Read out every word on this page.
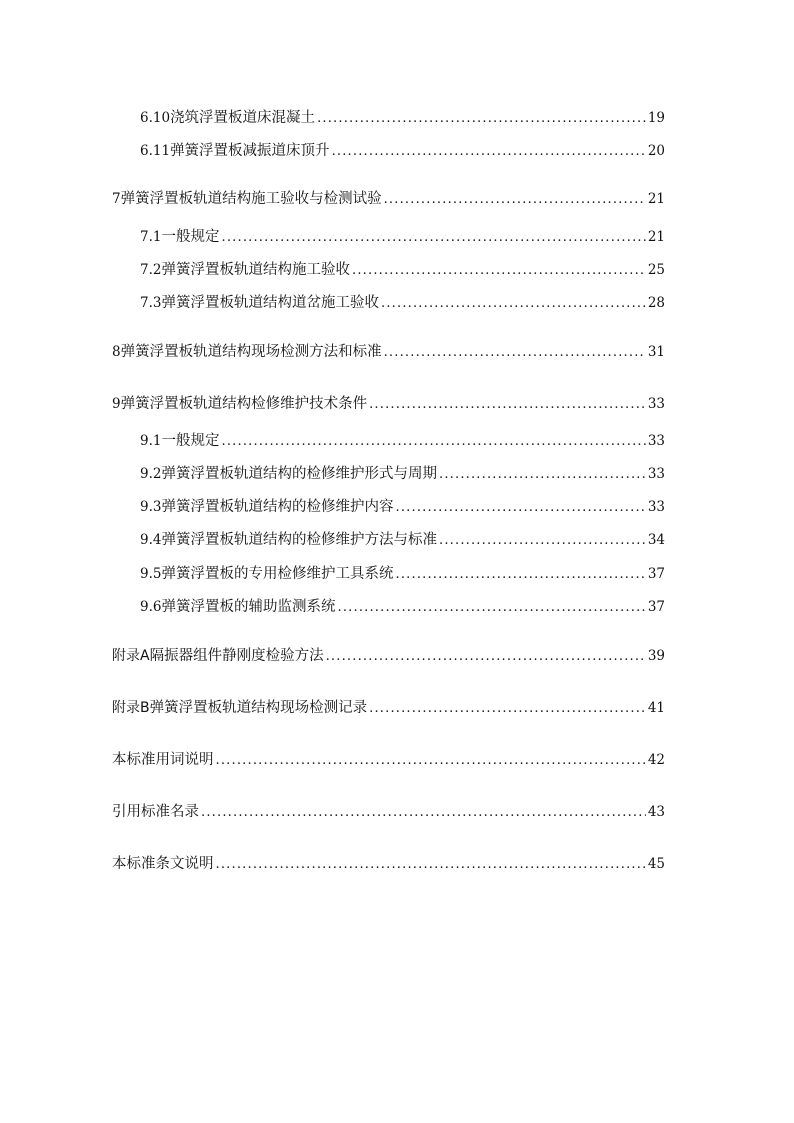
6.10 浇筑浮置板道床混凝土 .....	19
6.11 弹簧浮置板减振道床顶升 .....	20
7 弹簧浮置板轨道结构施工验收与检测试验 .....	21
7.1 一般规定 .....	21
7.2 弹簧浮置板轨道结构施工验收 .....	25
7.3 弹簧浮置板轨道结构道岔施工验收 .....	28
8 弹簧浮置板轨道结构现场检测方法和标准 .....	31
9 弹簧浮置板轨道结构检修维护技术条件 .....	33
9.1 一般规定 .....	33
9.2 弹簧浮置板轨道结构的检修维护形式与周期 .....	33
9.3 弹簧浮置板轨道结构的检修维护内容 .....	33
9.4 弹簧浮置板轨道结构的检修维护方法与标准 .....	34
9.5 弹簧浮置板的专用检修维护工具系统 .....	37
9.6 弹簧浮置板的辅助监测系统 .....	37
附录A 隔振器组件静刚度检验方法 .....	39
附录B 弹簧浮置板轨道结构现场检测记录 .....	41
本标准用词说明 .....	42
引用标准名录 .....	43
本标准条文说明 .....	45
